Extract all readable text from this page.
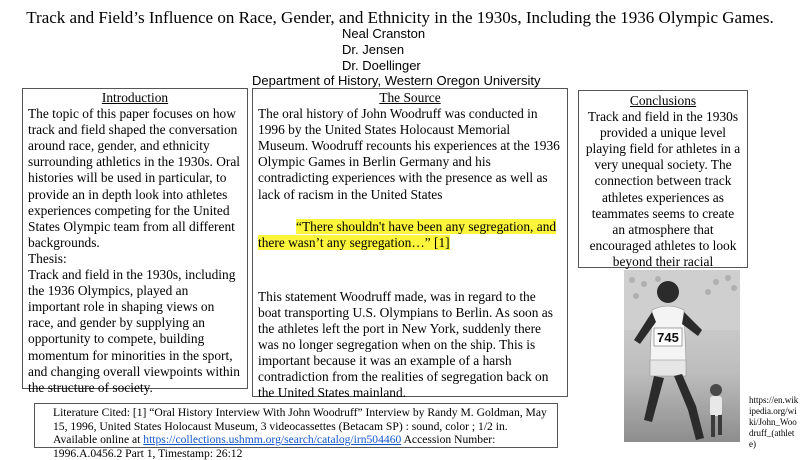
Track and Field’s Influence on Race, Gender, and Ethnicity in the 1930s, Including the 1936 Olympic Games.
Neal Cranston
Dr. Jensen
Dr. Doellinger
Department of History, Western Oregon University
Introduction
The topic of this paper focuses on how track and field shaped the conversation around race, gender, and ethnicity surrounding athletics in the 1930s. Oral histories will be used in particular, to provide an in depth look into athletes experiences competing for the United States Olympic team from all different backgrounds.
Thesis:
Track and field in the 1930s, including the 1936 Olympics, played an important role in shaping views on race, and gender by supplying an opportunity to compete, building momentum for minorities in the sport, and changing overall viewpoints within the structure of society.
The Source
The oral history of John Woodruff was conducted in 1996 by the United States Holocaust Memorial Museum. Woodruff recounts his experiences at the 1936 Olympic Games in Berlin Germany and his contradicting experiences with the presence as well as lack of racism in the United States
“There shouldn't have been any segregation, and there wasn’t any segregation…” [1]
This statement Woodruff made, was in regard to the boat transporting U.S. Olympians to Berlin. As soon as the athletes left the port in New York, suddenly there was no longer segregation when on the ship. This is important because it was an example of a harsh contradiction from the realities of segregation back on the United States mainland.
Conclusions
Track and field in the 1930s provided a unique level playing field for athletes in a very unequal society. The connection between track athletes experiences as teammates seems to create an atmosphere that encouraged athletes to look beyond their racial
Literature Cited: [1] “Oral History Interview With John Woodruff” Interview by Randy M. Goldman, May 15, 1996, United States Holocaust Museum, 3 videocassettes (Betacam SP) : sound, color ; 1/2 in. Available online at https://collections.ushmm.org/search/catalog/irn504460 Accession Number: 1996.A.0456.2 Part 1, Timestamp: 26:12
745
https://en.wikipedia.org/wiki/John_Woodruff_(athlete)
